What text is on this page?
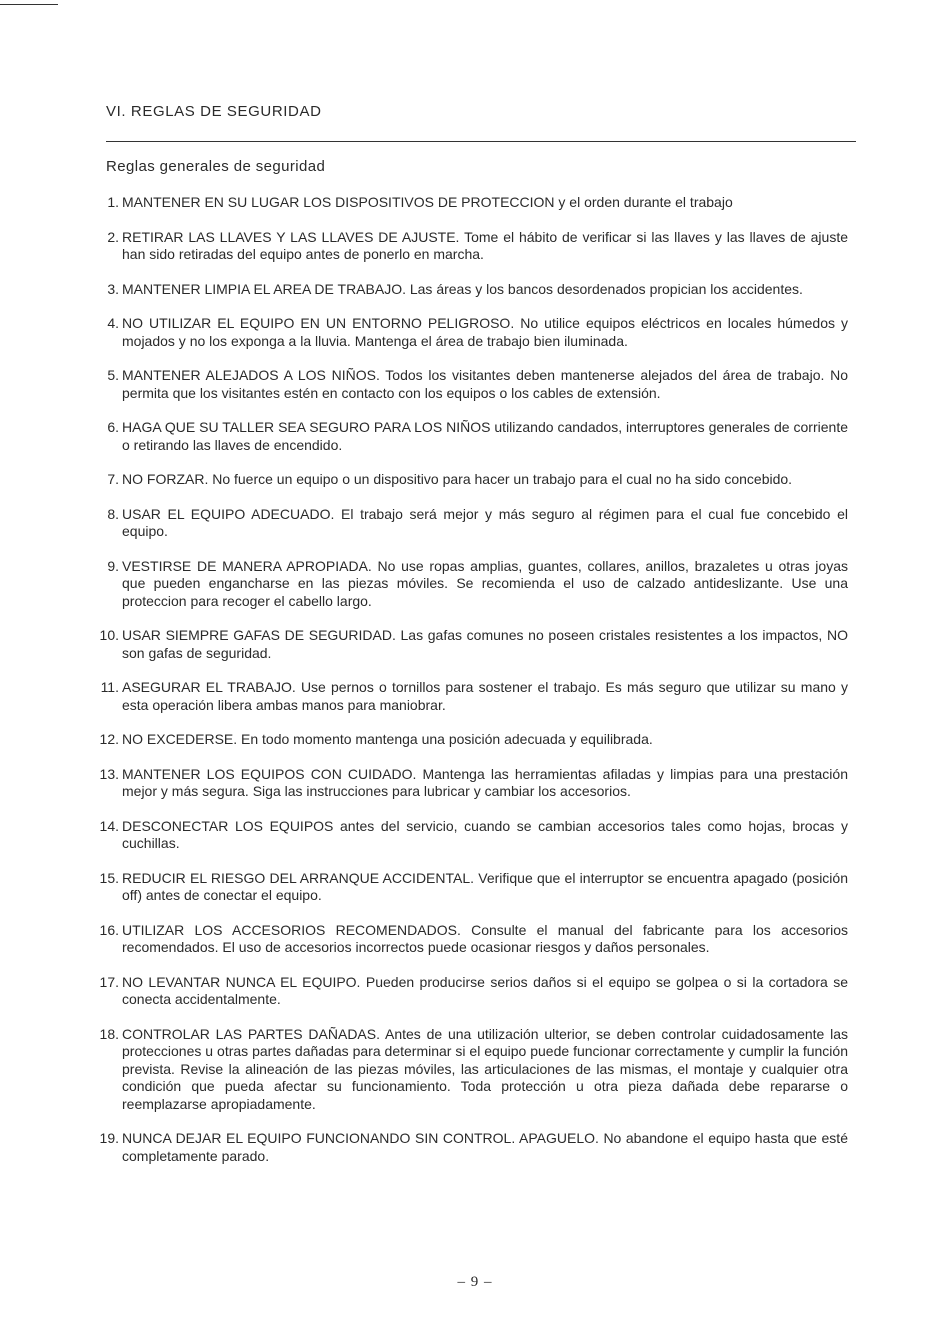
VI. REGLAS DE SEGURIDAD
Reglas generales de seguridad
1. MANTENER EN SU LUGAR LOS DISPOSITIVOS DE PROTECCION y el orden durante el trabajo
2. RETIRAR LAS LLAVES Y LAS LLAVES DE AJUSTE. Tome el hábito de verificar si las llaves y las llaves de ajuste han sido retiradas del equipo antes de ponerlo en marcha.
3. MANTENER LIMPIA EL AREA DE TRABAJO. Las áreas y los bancos desordenados propician los accidentes.
4. NO UTILIZAR EL EQUIPO EN UN ENTORNO PELIGROSO. No utilice equipos eléctricos en locales húmedos y mojados y no los exponga a la lluvia. Mantenga el área de trabajo bien iluminada.
5. MANTENER ALEJADOS A LOS NIÑOS. Todos los visitantes deben mantenerse alejados del área de trabajo. No permita que los visitantes estén en contacto con los equipos o los cables de extensión.
6. HAGA QUE SU TALLER SEA SEGURO PARA LOS NIÑOS utilizando candados, interruptores generales de corriente o retirando las llaves de encendido.
7. NO FORZAR. No fuerce un equipo o un dispositivo para hacer un trabajo para el cual no ha sido concebido.
8. USAR EL EQUIPO ADECUADO. El trabajo será mejor y más seguro al régimen para el cual fue concebido el equipo.
9. VESTIRSE DE MANERA APROPIADA. No use ropas amplias, guantes, collares, anillos, brazaletes u otras joyas que pueden engancharse en las piezas móviles. Se recomienda el uso de calzado antideslizante. Use una proteccion para recoger el cabello largo.
10. USAR SIEMPRE GAFAS DE SEGURIDAD. Las gafas comunes no poseen cristales resistentes a los impactos, NO son gafas de seguridad.
11. ASEGURAR EL TRABAJO. Use pernos o tornillos para sostener el trabajo. Es más seguro que utilizar su mano y esta operación libera ambas manos para maniobrar.
12. NO EXCEDERSE. En todo momento mantenga una posición adecuada y equilibrada.
13. MANTENER LOS EQUIPOS CON CUIDADO. Mantenga las herramientas afiladas y limpias para una prestación mejor y más segura. Siga las instrucciones para lubricar y cambiar los accesorios.
14. DESCONECTAR LOS EQUIPOS antes del servicio, cuando se cambian accesorios tales como hojas, brocas y cuchillas.
15. REDUCIR EL RIESGO DEL ARRANQUE ACCIDENTAL. Verifique que el interruptor se encuentra apagado (posición off) antes de conectar el equipo.
16. UTILIZAR LOS ACCESORIOS RECOMENDADOS. Consulte el manual del fabricante para los accesorios recomendados. El uso de accesorios incorrectos puede ocasionar riesgos y daños personales.
17. NO LEVANTAR NUNCA EL EQUIPO. Pueden producirse serios daños si el equipo se golpea o si la cortadora se conecta accidentalmente.
18. CONTROLAR LAS PARTES DAÑADAS. Antes de una utilización ulterior, se deben controlar cuidadosamente las protecciones u otras partes dañadas para determinar si el equipo puede funcionar correctamente y cumplir la función prevista. Revise la alineación de las piezas móviles, las articulaciones de las mismas, el montaje y cualquier otra condición que pueda afectar su funcionamiento. Toda protección u otra pieza dañada debe repararse o reemplazarse apropiadamente.
19. NUNCA DEJAR EL EQUIPO FUNCIONANDO SIN CONTROL. APAGUELO. No abandone el equipo hasta que esté completamente parado.
– 9 –
